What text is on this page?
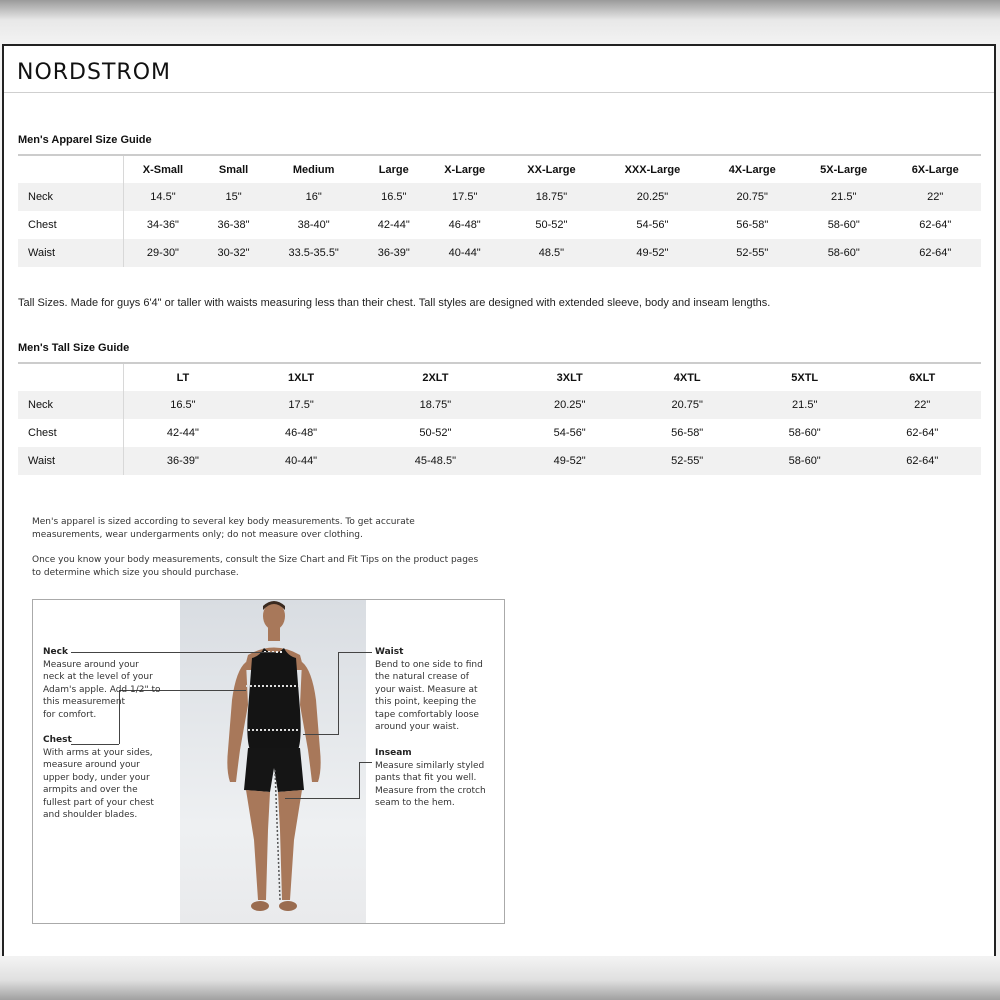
NORDSTROM
Men's Apparel Size Guide
	X-Small	Small	Medium	Large	X-Large	XX-Large	XXX-Large	4X-Large	5X-Large	6X-Large
Neck	14.5"	15"	16"	16.5"	17.5"	18.75"	20.25"	20.75"	21.5"	22"
Chest	34-36"	36-38"	38-40"	42-44"	46-48"	50-52"	54-56"	56-58"	58-60"	62-64"
Waist	29-30"	30-32"	33.5-35.5"	36-39"	40-44"	48.5"	49-52"	52-55"	58-60"	62-64"
Tall Sizes. Made for guys 6'4" or taller with waists measuring less than their chest. Tall styles are designed with extended sleeve, body and inseam lengths.
Men's Tall Size Guide
	LT	1XLT	2XLT	3XLT	4XTL	5XTL	6XLT
Neck	16.5"	17.5"	18.75"	20.25"	20.75"	21.5"	22"
Chest	42-44"	46-48"	50-52"	54-56"	56-58"	58-60"	62-64"
Waist	36-39"	40-44"	45-48.5"	49-52"	52-55"	58-60"	62-64"
Men's apparel is sized according to several key body measurements. To get accurate
measurements, wear undergarments only; do not measure over clothing.
Once you know your body measurements, consult the Size Chart and Fit Tips on the product pages
to determine which size you should purchase.
Neck
Measure around your
neck at the level of your
Adam's apple. Add 1/2" to
this measurement
for comfort.
Chest
With arms at your sides,
measure around your
upper body, under your
armpits and over the
fullest part of your chest
and shoulder blades.
Waist
Bend to one side to find
the natural crease of
your waist. Measure at
this point, keeping the
tape comfortably loose
around your waist.
Inseam
Measure similarly styled
pants that fit you well.
Measure from the crotch
seam to the hem.
